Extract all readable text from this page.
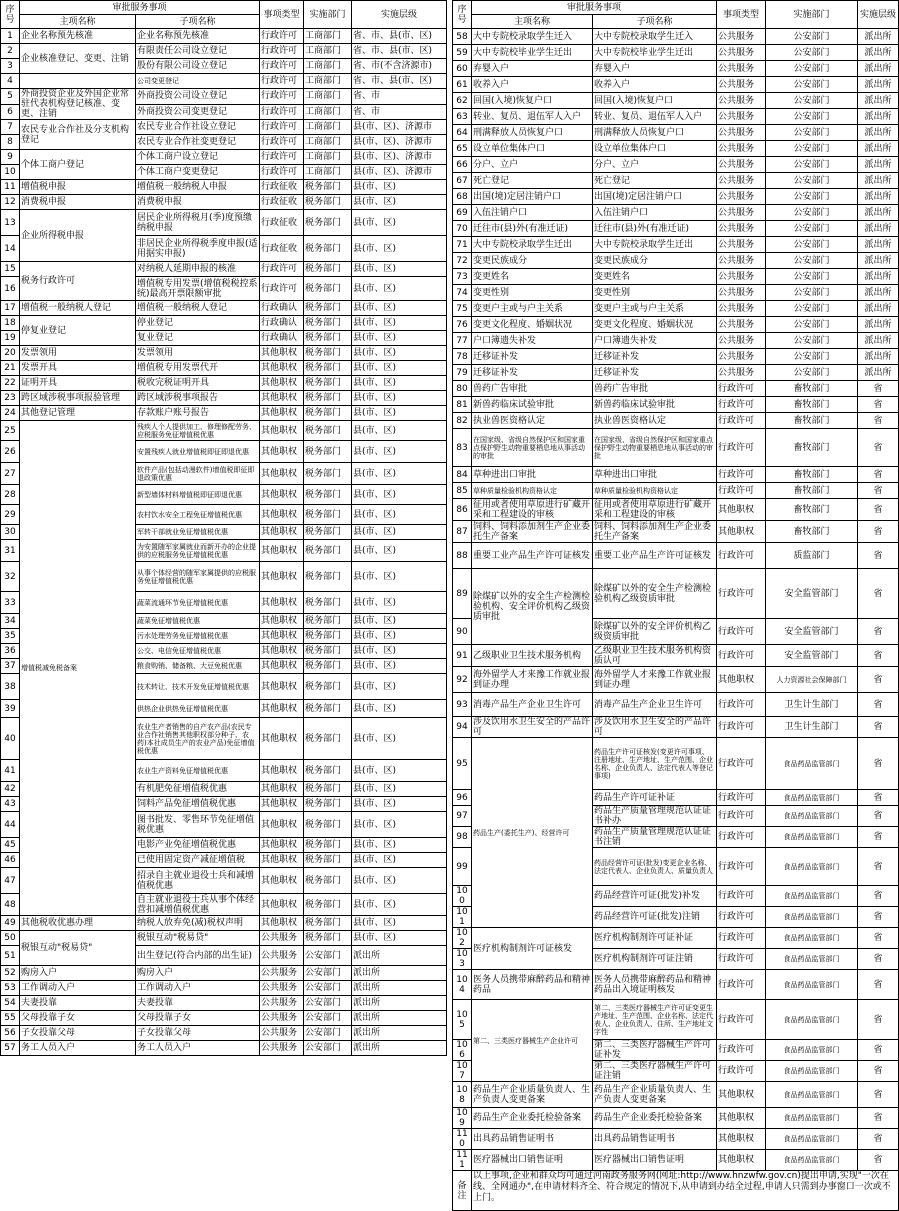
序号	审批服务事项		事项类型	实施部门	实施层级
	主项名称	子项名称			
1	企业名称预先核准	企业名称预先核准	行政许可	工商部门	省、市、县(市、区)
2	企业核准登记、变更、注销	有限责任公司设立登记	行政许可	工商部门	省、市、县(市、区)
3		股份有限公司设立登记	行政许可	工商部门	省、市(不含济源市)
4		公司变更登记	行政许可	工商部门	省、市、县(市、区)
5	外商投资企业及外国企业常驻代表机构登记核准、变更、注销	外商投资公司设立登记	行政许可	工商部门	省、市
6		外商投资公司变更登记	行政许可	工商部门	省、市
7	农民专业合作社及分支机构登记	农民专业合作社设立登记	行政许可	工商部门	县(市、区)、济源市
8		农民专业合作社变更登记	行政许可	工商部门	县(市、区)、济源市
9	个体工商户登记	个体工商户设立登记	行政许可	工商部门	县(市、区)、济源市
10		个体工商户变更登记	行政许可	工商部门	县(市、区)、济源市
11	增值税申报	增值税一般纳税人申报	行政征收	税务部门	县(市、区)
12	消费税申报	消费税申报	行政征收	税务部门	县(市、区)
13	企业所得税申报	居民企业所得税月(季)度预缴纳税申报	行政征收	税务部门	县(市、区)
14		非居民企业所得税季度申报(适用据实申报)	行政征收	税务部门	县(市、区)
15	税务行政许可	对纳税人延期申报的核准	行政许可	税务部门	县(市、区)
16		增值税专用发票(增值税税控系统)最高开票限额审批	行政许可	税务部门	县(市、区)
17	增值税一般纳税人登记	增值税一般纳税人登记	行政确认	税务部门	县(市、区)
18	停复业登记	停业登记	行政确认	税务部门	县(市、区)
19		复业登记	行政确认	税务部门	县(市、区)
20	发票领用	发票领用	其他职权	税务部门	县(市、区)
21	发票开具	增值税专用发票代开	其他职权	税务部门	县(市、区)
22	证明开具	税收完税证明开具	其他职权	税务部门	县(市、区)
23	跨区域涉税事项报验管理	跨区域涉税事项报告	其他职权	税务部门	县(市、区)
24	其他登记管理	存款账户账号报告	其他职权	税务部门	县(市、区)
25	增值税减免税备案	残疾人个人提供加工、修理修配劳务、应税服务免征增值税优惠	其他职权	税务部门	县(市、区)
26		安置残疾人就业增值税即征即退优惠	其他职权	税务部门	县(市、区)
27		软件产品(包括动漫软件)增值税即征即退政策优惠	其他职权	税务部门	县(市、区)
28		新型墙体材料增值税即征即退优惠	其他职权	税务部门	县(市、区)
29		农村饮水安全工程免征增值税优惠	其他职权	税务部门	县(市、区)
30		军转干部就业免征增值税优惠	其他职权	税务部门	县(市、区)
31		为安置随军家属就业而新开办的企业提供的应税服务免征增值税优惠	其他职权	税务部门	县(市、区)
32		从事个体经营的随军家属提供的应税服务免征增值税优惠	其他职权	税务部门	县(市、区)
33		蔬菜流通环节免征增值税优惠	其他职权	税务部门	县(市、区)
34		蔬菜免征增值税优惠	其他职权	税务部门	县(市、区)
35		污水处理劳务免征增值税优惠	其他职权	税务部门	县(市、区)
36		公交、电信免征增值税优惠	其他职权	税务部门	县(市、区)
37		粮食购销、储备粮、大豆免税优惠	其他职权	税务部门	县(市、区)
38		技术转让、技术开发免征增值税优惠	其他职权	税务部门	县(市、区)
39		供热企业供热免征增值税优惠	其他职权	税务部门	县(市、区)
40		农业生产者销售的自产农产品(农民专业合作社销售其他职权部分种子、农药)本社成员生产的农业产品)免征增值税优惠	其他职权	税务部门	县(市、区)
41		农业生产资料免征增值税优惠	其他职权	税务部门	县(市、区)
42		有机肥免征增值税优惠	其他职权	税务部门	县(市、区)
43		饲料产品免征增值税优惠	其他职权	税务部门	县(市、区)
44		图书批发、零售环节免征增值税优惠	其他职权	税务部门	县(市、区)
45		电影产业免征增值税优惠	其他职权	税务部门	县(市、区)
46		已使用固定资产减征增值税	其他职权	税务部门	县(市、区)
47		招录自主就业退役士兵和减增值税优惠	其他职权	税务部门	县(市、区)
48		自主就业退役士兵从事个体经营扣减增值税优惠	其他职权	税务部门	县(市、区)
49	其他税收优惠办理	纳税人放弃免(减)税权声明	其他职权	税务部门	县(市、区)
50	税银互动"税易贷"	税银互动"税易贷"	公共服务	税务部门	县(市、区)
51		出生登记(符合内部的出生证)	公共服务	公安部门	派出所
52	购房入户	购房入户	公共服务	公安部门	派出所
53	工作调动入户	工作调动入户	公共服务	公安部门	派出所
54	夫妻投靠	夫妻投靠	公共服务	公安部门	派出所
55	父母投靠子女	父母投靠子女	公共服务	公安部门	派出所
56	子女投靠父母	子女投靠父母	公共服务	公安部门	派出所
57	务工人员入户	务工人员入户	公共服务	公安部门	派出所
序号	审批服务事项		事项类型	实施部门	实施层级
	主项名称	子项名称			
58	大中专院校录取学生迁入	大中专院校录取学生迁入	公共服务	公安部门	派出所
59	大中专院校毕业学生迁出	大中专院校毕业学生迁出	公共服务	公安部门	派出所
60	弃婴入户	弃婴入户	公共服务	公安部门	派出所
61	收养入户	收养入户	公共服务	公安部门	派出所
62	回国(入境)恢复户口	回国(入境)恢复户口	公共服务	公安部门	派出所
63	转业、复员、退伍军人入户	转业、复员、退伍军人入户	公共服务	公安部门	派出所
64	刑满释放人员恢复户口	刑满释放人员恢复户口	公共服务	公安部门	派出所
65	设立单位集体户口	设立单位集体户口	公共服务	公安部门	派出所
66	分户、立户	分户、立户	公共服务	公安部门	派出所
67	死亡登记	死亡登记	公共服务	公安部门	派出所
68	出国(境)定居注销户口	出国(境)定居注销户口	公共服务	公安部门	派出所
69	入伍注销户口	入伍注销户口	公共服务	公安部门	派出所
70	迁往市(县)外(有准迁证)	迁往市(县)外(有准迁证)	公共服务	公安部门	派出所
71	大中专院校录取学生迁出	大中专院校录取学生迁出	公共服务	公安部门	派出所
72	变更民族成分	变更民族成分	公共服务	公安部门	派出所
73	变更姓名	变更姓名	公共服务	公安部门	派出所
74	变更性别	变更性别	公共服务	公安部门	派出所
75	变更户主或与户主关系	变更户主或与户主关系	公共服务	公安部门	派出所
76	变更文化程度、婚姻状况	变更文化程度、婚姻状况	公共服务	公安部门	派出所
77	户口簿遗失补发	户口簿遗失补发	公共服务	公安部门	派出所
78	迁移证补发	迁移证补发	公共服务	公安部门	派出所
79	迁移证补发	迁移证补发	公共服务	公安部门	派出所
80	兽药广告审批	兽药广告审批	行政许可	畜牧部门	省
81	新兽药临床试验审批	新兽药临床试验审批	行政许可	畜牧部门	省
82	执业兽医资格认定	执业兽医资格认定	行政许可	畜牧部门	省
83	在国家级、省级自然保护区和国家重点保护野生动物重要栖息地从事活动的审批	在国家级、省级自然保护区和国家重点保护野生动物重要栖息地从事活动的审批	行政许可	畜牧部门	省
84	草种进出口审批	草种进出口审批	行政许可	畜牧部门	省
85	草种质量检验机构资格认定	草种质量检验机构资格认定	行政许可	畜牧部门	省
86	征用或者使用草原进行矿藏开采和工程建设的审核	征用或者使用草原进行矿藏开采和工程建设的审核	其他职权	畜牧部门	省
87	饲料、饲料添加剂生产企业委托生产备案	饲料、饲料添加剂生产企业委托生产备案	其他职权	畜牧部门	省
88	重要工业产品生产许可证核发	重要工业产品生产许可证核发	行政许可	质监部门	省
89	除煤矿以外的安全生产检测检验机构、安全评价机构乙级资质审批	除煤矿以外的安全生产检测检验机构乙级资质审批	行政许可	安全监管部门	省
90		除煤矿以外的安全评价机构乙级资质审批	行政许可	安全监管部门	省
91	乙级职业卫生技术服务机构	乙级职业卫生技术服务机构资质认可	行政许可	安全监管部门	省
92	海外留学人才来豫工作就业报到证办理	海外留学人才来豫工作就业报到证办理	其他职权	人力资源社会保障部门	省
93	消毒产品生产企业卫生许可	消毒产品生产企业卫生许可	行政许可	卫生计生部门	省
94	涉及饮用水卫生安全的产品许可	涉及饮用水卫生安全的产品许可	行政许可	卫生计生部门	省
95	药品生产(委托生产)、经营许可	药品生产许可证核发(变更许可事项、注册地址、生产地址、生产范围、企业名称、企业负责人、法定代表人等登记事项)	行政许可	食品药品监管部门	省
96		药品生产许可证补证	行政许可	食品药品监管部门	省
97		药品生产质量管理规范认证证书补办	行政许可	食品药品监管部门	省
98		药品生产质量管理规范认证证书注销	行政许可	食品药品监管部门	省
99		药品经营许可证(批发)变更企业名称、法定代表人、企业负责人、质量负责人	行政许可	食品药品监管部门	省
100		药品经营许可证(批发)补发	行政许可	食品药品监管部门	省
101		药品经营许可证(批发)注销	行政许可	食品药品监管部门	省
102	医疗机构制剂许可证核发	医疗机构制剂许可证补证	行政许可	食品药品监管部门	省
103		医疗机构制剂许可证注销	行政许可	食品药品监管部门	省
104	医务人员携带麻醉药品和精神药品	医务人员携带麻醉药品和精神药品出入境证明核发	行政许可	食品药品监管部门	省
105	第二、三类医疗器械生产企业许可	第二、三类医疗器械生产许可证变更生产地址、生产范围、企业名称、法定代表人、企业负责人、住所、生产地址文字性	行政许可	食品药品监管部门	省
106		第二、三类医疗器械生产许可证补发	行政许可	食品药品监管部门	省
107		第二、三类医疗器械生产许可证注销	行政许可	食品药品监管部门	省
108	药品生产企业质量负责人、生产负责人变更备案	药品生产企业质量负责人、生产负责人变更备案	其他职权	食品药品监管部门	省
109	药品生产企业委托检验备案	药品生产企业委托检验备案	其他职权	食品药品监管部门	省
110	出具药品销售证明书	出具药品销售证明书	其他职权	食品药品监管部门	省
111	医疗器械出口销售证明	医疗器械出口销售证明	其他职权	食品药品监管部门	省
备注	以上事项,企业和群众均可通过河南政务服务网(网址:http://www.hnzwfw.gov.cn)提出申请,实现"一次在线、全网通办",在申请材料齐全、符合规定的情况下,从申请到办结全过程,申请人只需到办事窗口一次或不上门。				
